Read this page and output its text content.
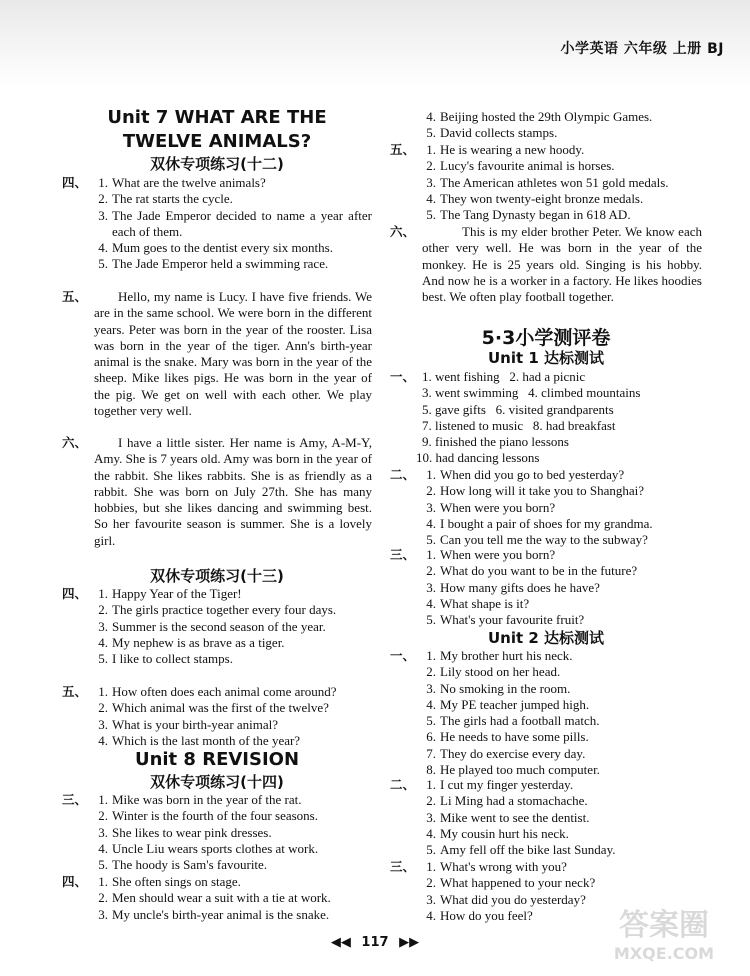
小学英语 六年级 上册 BJ
Unit 7 WHAT ARE THE
TWELVE ANIMALS?
双休专项练习(十二)
四、 1. What are the twelve animals?
2. The rat starts the cycle.
3. The Jade Emperor decided to name a year after each of them.
4. Mum goes to the dentist every six months.
5. The Jade Emperor held a swimming race.
五、	Hello, my name is Lucy. I have five friends. We are in the same school. We were born in the different years. Peter was born in the year of the rooster. Lisa was born in the year of the tiger. Ann's birth-year animal is the snake. Mary was born in the year of the sheep. Mike likes pigs. He was born in the year of the pig. We get on well with each other. We play together very well.
六、	I have a little sister. Her name is Amy, A-M-Y, Amy. She is 7 years old. Amy was born in the year of the rabbit. She likes rabbits. She is as friendly as a rabbit. She was born on July 27th. She has many hobbies, but she likes dancing and swimming best. So her favourite season is summer. She is a lovely girl.
双休专项练习(十三)
四、 1. Happy Year of the Tiger!
2. The girls practice together every four days.
3. Summer is the second season of the year.
4. My nephew is as brave as a tiger.
5. I like to collect stamps.
五、 1. How often does each animal come around?
2. Which animal was the first of the twelve?
3. What is your birth-year animal?
4. Which is the last month of the year?
Unit 8 REVISION
双休专项练习(十四)
三、 1. Mike was born in the year of the rat.
2. Winter is the fourth of the four seasons.
3. She likes to wear pink dresses.
4. Uncle Liu wears sports clothes at work.
5. The hoody is Sam's favourite.
四、 1. She often sings on stage.
2. Men should wear a suit with a tie at work.
3. My uncle's birth-year animal is the snake.
4. Beijing hosted the 29th Olympic Games.
5. David collects stamps.
五、 1. He is wearing a new hoody.
2. Lucy's favourite animal is horses.
3. The American athletes won 51 gold medals.
4. They won twenty-eight bronze medals.
5. The Tang Dynasty began in 618 AD.
六、	This is my elder brother Peter. We know each other very well. He was born in the year of the monkey. He is 25 years old. Singing is his hobby. And now he is a worker in a factory. He likes hoodies best. We often play football together.
5·3小学测评卷
Unit 1 达标测试
一、 1. went fishing   2. had a picnic
3. went swimming   4. climbed mountains
5. gave gifts   6. visited grandparents
7. listened to music   8. had breakfast
9. finished the piano lessons
10. had dancing lessons
二、 1. When did you go to bed yesterday?
2. How long will it take you to Shanghai?
3. When were you born?
4. I bought a pair of shoes for my grandma.
5. Can you tell me the way to the subway?
三、 1. When were you born?
2. What do you want to be in the future?
3. How many gifts does he have?
4. What shape is it?
5. What's your favourite fruit?
Unit 2 达标测试
一、 1. My brother hurt his neck.
2. Lily stood on her head.
3. No smoking in the room.
4. My PE teacher jumped high.
5. The girls had a football match.
6. He needs to have some pills.
7. They do exercise every day.
8. He played too much computer.
二、 1. I cut my finger yesterday.
2. Li Ming had a stomachache.
3. Mike went to see the dentist.
4. My cousin hurt his neck.
5. Amy fell off the bike last Sunday.
三、 1. What's wrong with you?
2. What happened to your neck?
3. What did you do yesterday?
4. How do you feel?
◀◀ 117 ▶▶	答案圈
MXQE.COM
